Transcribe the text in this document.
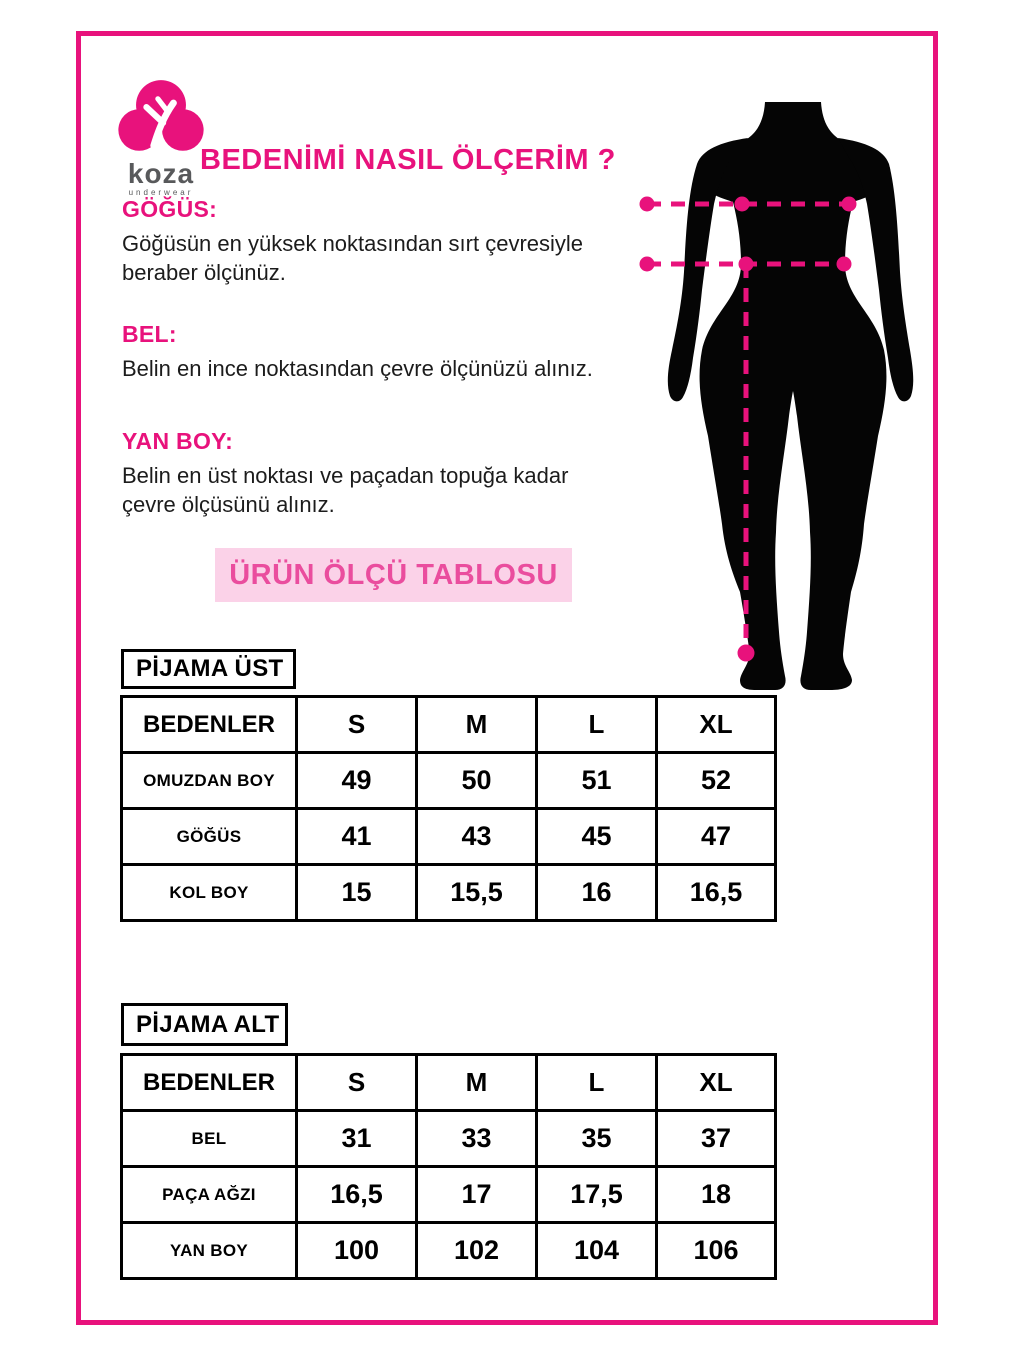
koza
underwear
BEDENİMİ NASIL ÖLÇERİM ?
GÖĞÜS:

Göğüsün en yüksek noktasından sırt çevresiyle beraber ölçünüz.

BEL:

Belin en ince noktasından çevre ölçünüzü alınız.

YAN BOY:

Belin en üst noktası ve paçadan topuğa kadar çevre ölçüsünü alınız.

ÜRÜN ÖLÇÜ TABLOSU
PİJAMA ÜST
BEDENLER	S	M	L	XL
OMUZDAN BOY	49	50	51	52
GÖĞÜS	41	43	45	47
KOL BOY	15	15,5	16	16,5
PİJAMA ALT
BEDENLER	S	M	L	XL
BEL	31	33	35	37
PAÇA AĞZI	16,5	17	17,5	18
YAN BOY	100	102	104	106
